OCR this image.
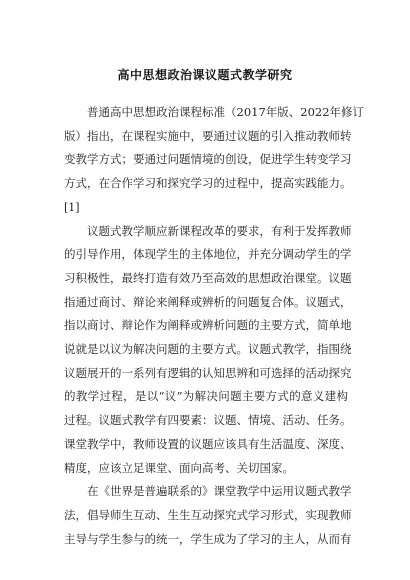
高中思想政治课议题式教学研究
普通高中思想政治课程标准（2017年版、2022年修订
版）指出，在课程实施中，要通过议题的引入推动教师转
变教学方式；要通过问题情境的创设，促进学生转变学习
方式，在合作学习和探究学习的过程中，提高实践能力。
[1]
议题式教学顺应新课程改革的要求，有利于发挥教师
的引导作用，体现学生的主体地位，并充分调动学生的学
习积极性，最终打造有效乃至高效的思想政治课堂。议题
指通过商讨、辩论来阐释或辨析的问题复合体。议题式，
指以商讨、辩论作为阐释或辨析问题的主要方式，简单地
说就是以议为解决问题的主要方式。议题式教学，指围绕
议题展开的一系列有逻辑的认知思辨和可选择的活动探究
的教学过程，是以“议”为解决问题主要方式的意义建构
过程。议题式教学有四要素：议题、情境、活动、任务。
课堂教学中，教师设置的议题应该具有生活温度、深度、
精度，应该立足课堂、面向高考、关切国家。
在《世界是普遍联系的》课堂教学中运用议题式教学
法，倡导师生互动、生生互动探究式学习形式，实现教师
主导与学生参与的统一，学生成为了学习的主人，从而有
